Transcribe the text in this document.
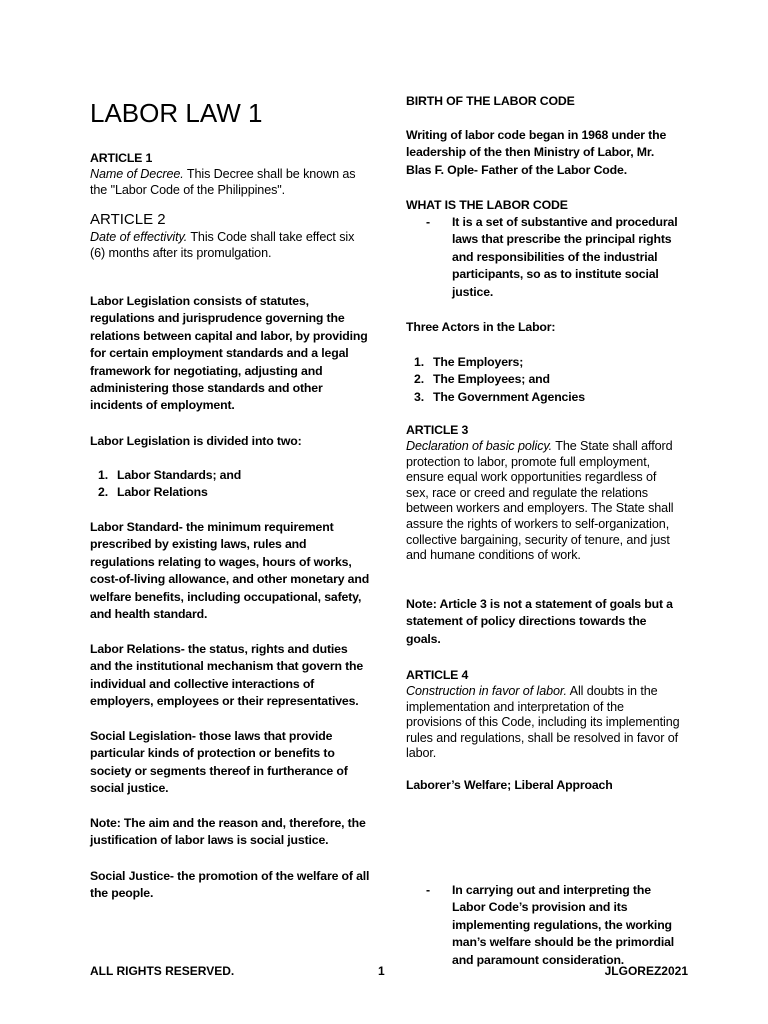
LABOR LAW 1
ARTICLE 1

Name of Decree. This Decree shall be known as the "Labor Code of the Philippines".

ARTICLE 2

Date of effectivity. This Code shall take effect six (6) months after its promulgation.

Labor Legislation consists of statutes, regulations and jurisprudence governing the relations between capital and labor, by providing for certain employment standards and a legal framework for negotiating, adjusting and administering those standards and other incidents of employment.

Labor Legislation is divided into two:

1. Labor Standards; and
2. Labor Relations

Labor Standard- the minimum requirement prescribed by existing laws, rules and regulations relating to wages, hours of works, cost-of-living allowance, and other monetary and welfare benefits, including occupational, safety, and health standard.

Labor Relations- the status, rights and duties and the institutional mechanism that govern the individual and collective interactions of employers, employees or their representatives.

Social Legislation- those laws that provide particular kinds of protection or benefits to society or segments thereof in furtherance of social justice.

Note: The aim and the reason and, therefore, the justification of labor laws is social justice.

Social Justice- the promotion of the welfare of all the people.

BIRTH OF THE LABOR CODE

Writing of labor code began in 1968 under the leadership of the then Ministry of Labor, Mr. Blas F. Ople- Father of the Labor Code.

WHAT IS THE LABOR CODE
- It is a set of substantive and procedural laws that prescribe the principal rights and responsibilities of the industrial participants, so as to institute social justice.
Three Actors in the Labor:
1. The Employers;
2. The Employees; and
3. The Government Agencies
ARTICLE 3

Declaration of basic policy. The State shall afford protection to labor, promote full employment, ensure equal work opportunities regardless of sex, race or creed and regulate the relations between workers and employers. The State shall assure the rights of workers to self-organization, collective bargaining, security of tenure, and just and humane conditions of work.

Note: Article 3 is not a statement of goals but a statement of policy directions towards the goals.

ARTICLE 4

Construction in favor of labor. All doubts in the implementation and interpretation of the provisions of this Code, including its implementing rules and regulations, shall be resolved in favor of labor.

Laborer’s Welfare; Liberal Approach
- In carrying out and interpreting the Labor Code’s provision and its implementing regulations, the working man’s welfare should be the primordial and paramount consideration.
1
ALL RIGHTS RESERVED.	JLGOREZ2021
